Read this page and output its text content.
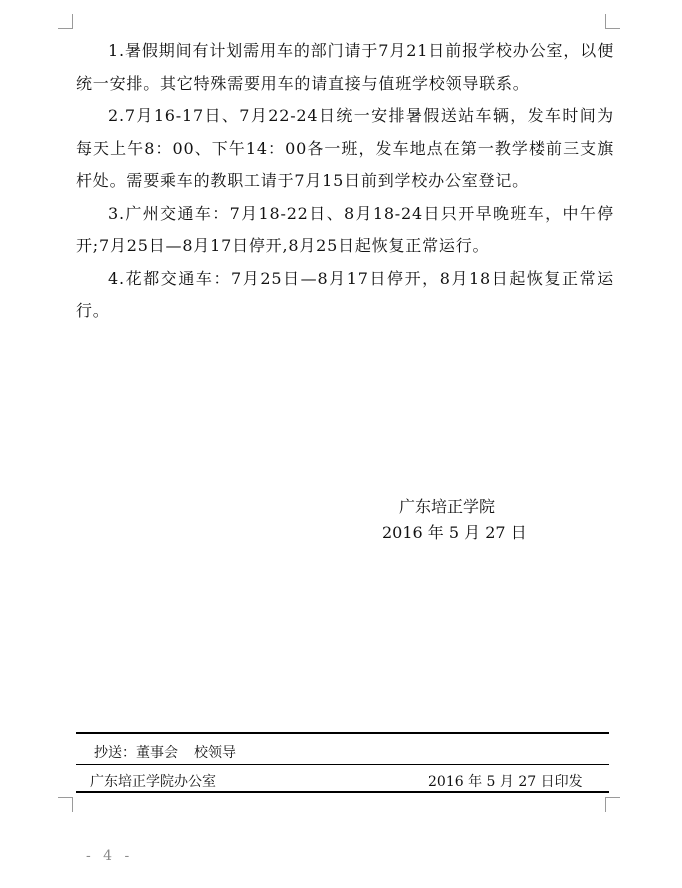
1.暑假期间有计划需用车的部门请于7月21日前报学校办公室，以便统一安排。其它特殊需要用车的请直接与值班学校领导联系。

2.7月16-17日、7月22-24日统一安排暑假送站车辆，发车时间为每天上午8：00、下午14：00各一班，发车地点在第一教学楼前三支旗杆处。需要乘车的教职工请于7月15日前到学校办公室登记。

3.广州交通车：7月18-22日、8月18-24日只开早晚班车，中午停开;7月25日—8月17日停开,8月25日起恢复正常运行。

4.花都交通车：7月25日—8月17日停开，8月18日起恢复正常运行。

广东培正学院
2016 年 5 月 27 日
抄送：董事会 校领导
广东培正学院办公室	2016 年 5 月 27 日印发
- 4 -
